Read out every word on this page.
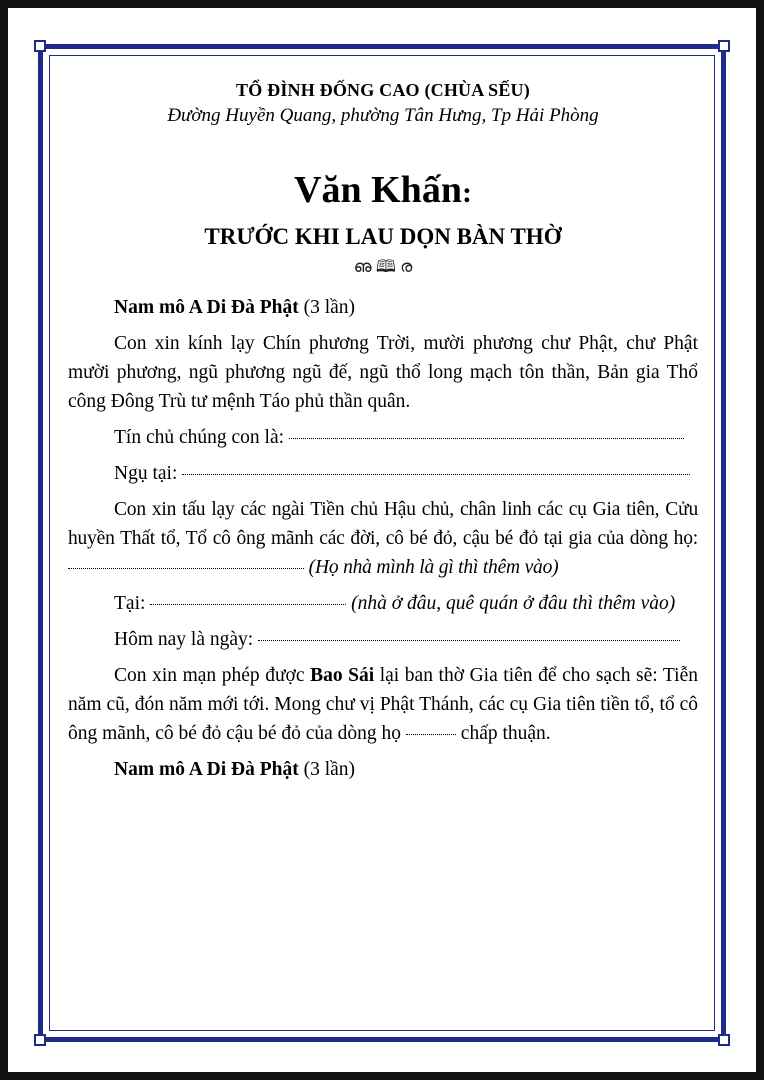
TỔ ĐÌNH ĐỐNG CAO (CHÙA SẾU)
Đường Huyền Quang, phường Tân Hưng, Tp Hải Phòng
Văn Khấn:
TRƯỚC KHI LAU DỌN BÀN THỜ
ഌ 🕮 ര

Nam mô A Di Đà Phật (3 lần)

Con xin kính lạy Chín phương Trời, mười phương chư Phật, chư Phật mười phương, ngũ phương ngũ đế, ngũ thổ long mạch tôn thần, Bản gia Thổ công Đông Trù tư mệnh Táo phủ thần quân.

Tín chủ chúng con là:

Ngụ tại:

Con xin tấu lạy các ngài Tiền chủ Hậu chủ, chân linh các cụ Gia tiên, Cửu huyền Thất tổ, Tổ cô ông mãnh các đời, cô bé đỏ, cậu bé đỏ tại gia của dòng họ:  (Họ nhà mình là gì thì thêm vào)

Tại:	(nhà ở đâu, quê quán ở đâu thì thêm vào)

Hôm nay là ngày:

Con xin mạn phép được Bao Sái lại ban thờ Gia tiên để cho sạch sẽ: Tiễn năm cũ, đón năm mới tới. Mong chư vị Phật Thánh, các cụ Gia tiên tiền tổ, tổ cô ông mãnh, cô bé đỏ cậu bé đỏ của dòng họ	chấp thuận.

Nam mô A Di Đà Phật (3 lần)
